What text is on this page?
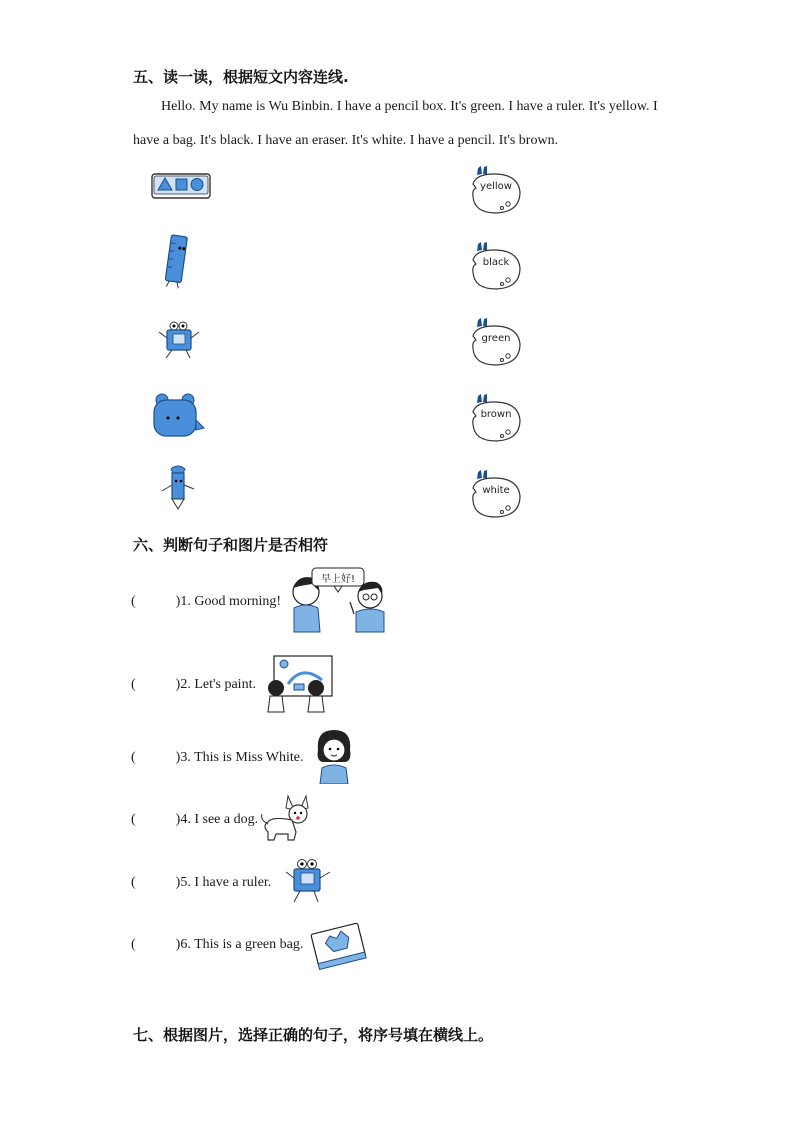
五、读一读，根据短文内容连线.
Hello. My name is Wu Binbin. I have a pencil box. It's green. I have a ruler. It's yellow. I have a bag. It's black. I have an eraser. It's white. I have a pencil. It's brown.
yellow
black
green
brown
white
六、判断句子和图片是否相符
(	)1. Good morning!
早上好!
(	)2. Let's paint.
(	)3. This is Miss White.
(	)4. I see a dog.
(	)5. I have a ruler.
(	)6. This is a green bag.
七、根据图片，选择正确的句子，将序号填在横线上。
